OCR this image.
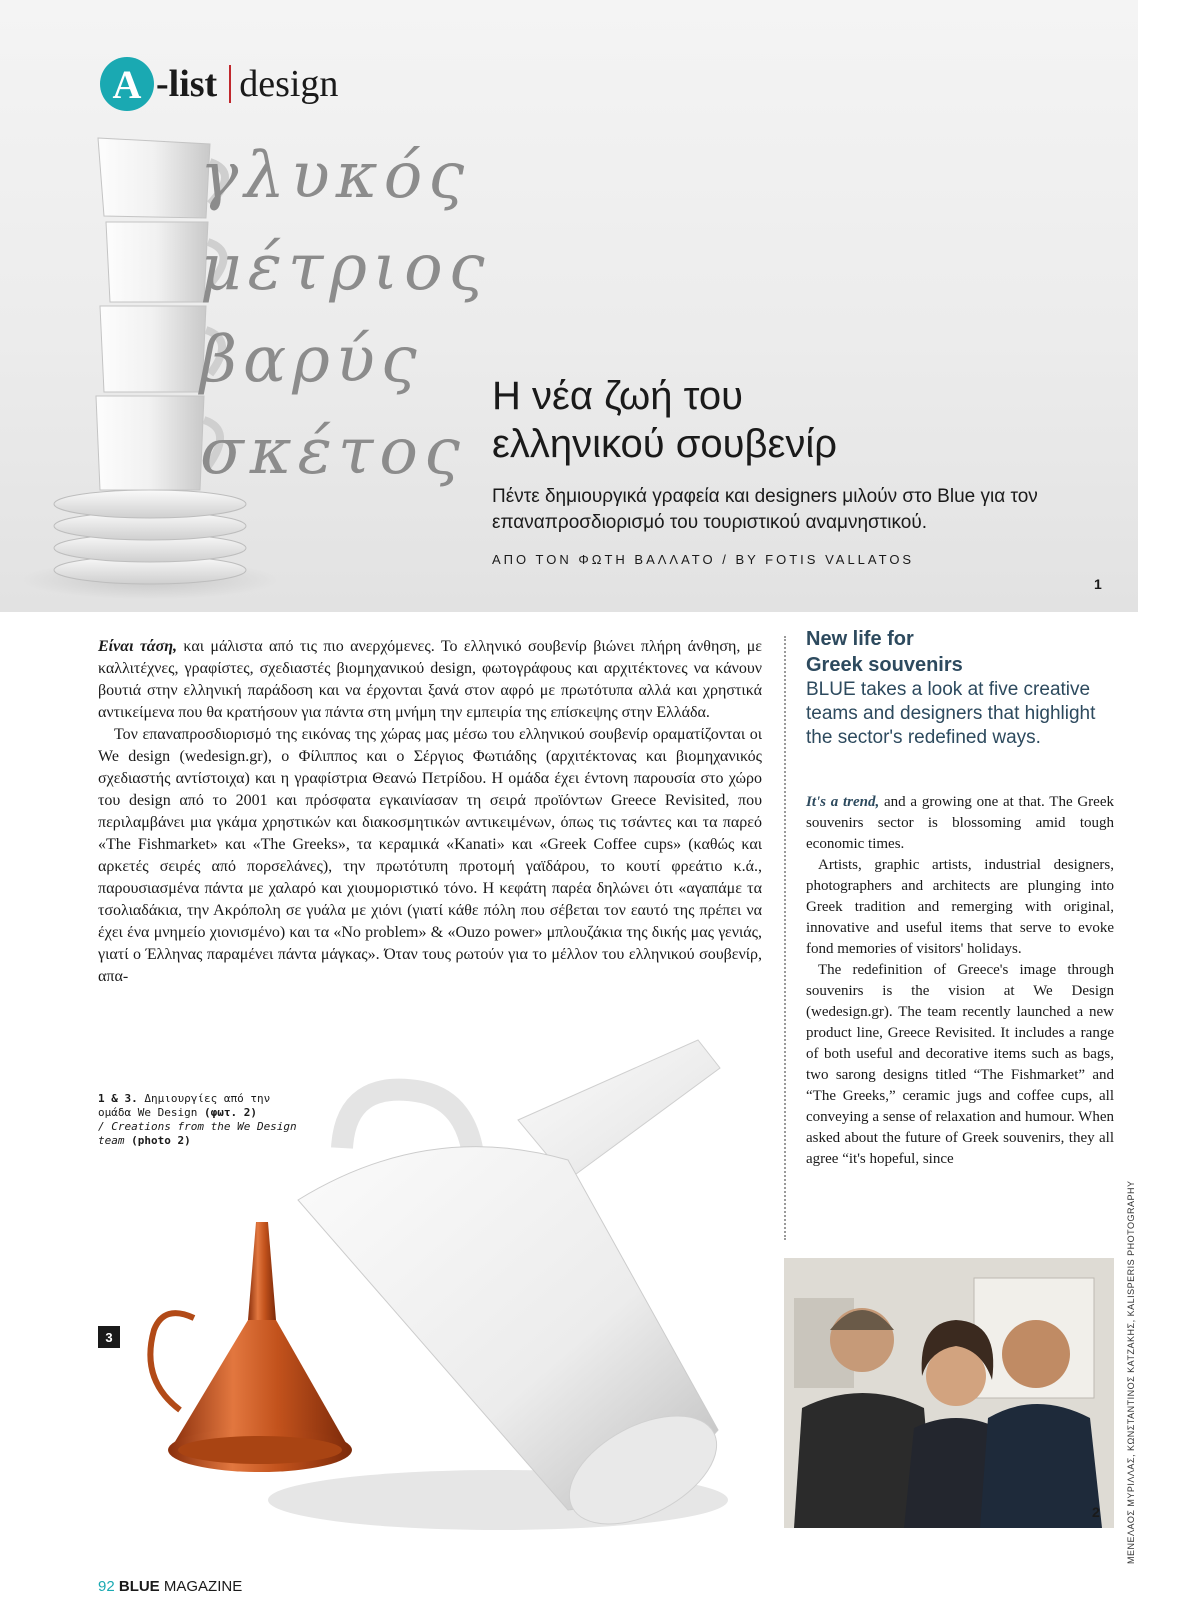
A -list design
γλυκός
μέτριος
βαρύς
σκέτος
Η νέα ζωή του
ελληνικού σουβενίρ
Πέντε δημιουργικά γραφεία και designers μιλούν στο Blue για τον επαναπροσδιορισμό του τουριστικού αναμνηστικού.
ΑΠΟ ΤΟΝ ΦΩΤΗ ΒΑΛΛΑΤΟ / BY FOTIS VALLATOS
1

Είναι τάση, και μάλιστα από τις πιο ανερχόμενες. Το ελληνικό σουβενίρ βιώνει πλήρη άνθηση, με καλλιτέχνες, γραφίστες, σχεδιαστές βιομηχανικού design, φωτογράφους και αρχιτέκτονες να κάνουν βουτιά στην ελληνική παράδοση και να έρχονται ξανά στον αφρό με πρωτότυπα αλλά και χρηστικά αντικείμενα που θα κρατήσουν για πάντα στη μνήμη την εμπειρία της επίσκεψης στην Ελλάδα.

Τον επαναπροσδιορισμό της εικόνας της χώρας μας μέσω του ελληνικού σουβενίρ οραματίζονται οι We design (wedesign.gr), ο Φίλιππος και ο Σέργιος Φωτιάδης (αρχιτέκτονας και βιομηχανικός σχεδιαστής αντίστοιχα) και η γραφίστρια Θεανώ Πετρίδου. Η ομάδα έχει έντονη παρουσία στο χώρο του design από το 2001 και πρόσφατα εγκαινίασαν τη σειρά προϊόντων Greece Revisited, που περιλαμβάνει μια γκάμα χρηστικών και διακοσμητικών αντικειμένων, όπως τις τσάντες και τα παρεό «The Fishmarket» και «The Greeks», τα κεραμικά «Kanati» και «Greek Coffee cups» (καθώς και αρκετές σειρές από πορσελάνες), την πρωτότυπη προτομή γαϊδάρου, το κουτί φρεάτιο κ.ά., παρουσιασμένα πάντα με χαλαρό και χιουμοριστικό τόνο. Η κεφάτη παρέα δηλώνει ότι «αγαπάμε τα τσολιαδάκια, την Ακρόπολη σε γυάλα με χιόνι (γιατί κάθε πόλη που σέβεται τον εαυτό της πρέπει να έχει ένα μνημείο χιονισμένο) και τα «No problem» & «Ouzo power» μπλουζάκια της δικής μας γενιάς, γιατί ο Έλληνας παραμένει πάντα μάγκας». Όταν τους ρωτούν για το μέλλον του ελληνικού σουβενίρ, απα-

1 & 3. Δημιουργίες από την ομάδα We Design (φωτ. 2)
/ Creations from the We Design team (photo 2)
3
New life for
Greek souvenirs
BLUE takes a look at five creative teams and designers that highlight the sector's redefined ways.

It's a trend, and a growing one at that. The Greek souvenirs sector is blossoming amid tough economic times.

Artists, graphic artists, industrial designers, photographers and architects are plunging into Greek tradition and remerging with original, innovative and useful items that serve to evoke fond memories of visitors' holidays.

The redefinition of Greece's image through souvenirs is the vision at We Design (wedesign.gr). The team recently launched a new product line, Greece Revisited. It includes a range of both useful and decorative items such as bags, two sarong designs titled “The Fishmarket” and “The Greeks,” ceramic jugs and coffee cups, all conveying a sense of relaxation and humour. When asked about the future of Greek souvenirs, they all agree “it's hopeful, since

2	ΜΕΝΕΛΑΟΣ ΜΥΡΙΛΛΑΣ, ΚΩΝΣΤΑΝΤΙΝΟΣ ΚΑΤΖΑΚΗΣ, KALISPERIS PHOTOGRAPHY
92 BLUE MAGAZINE
